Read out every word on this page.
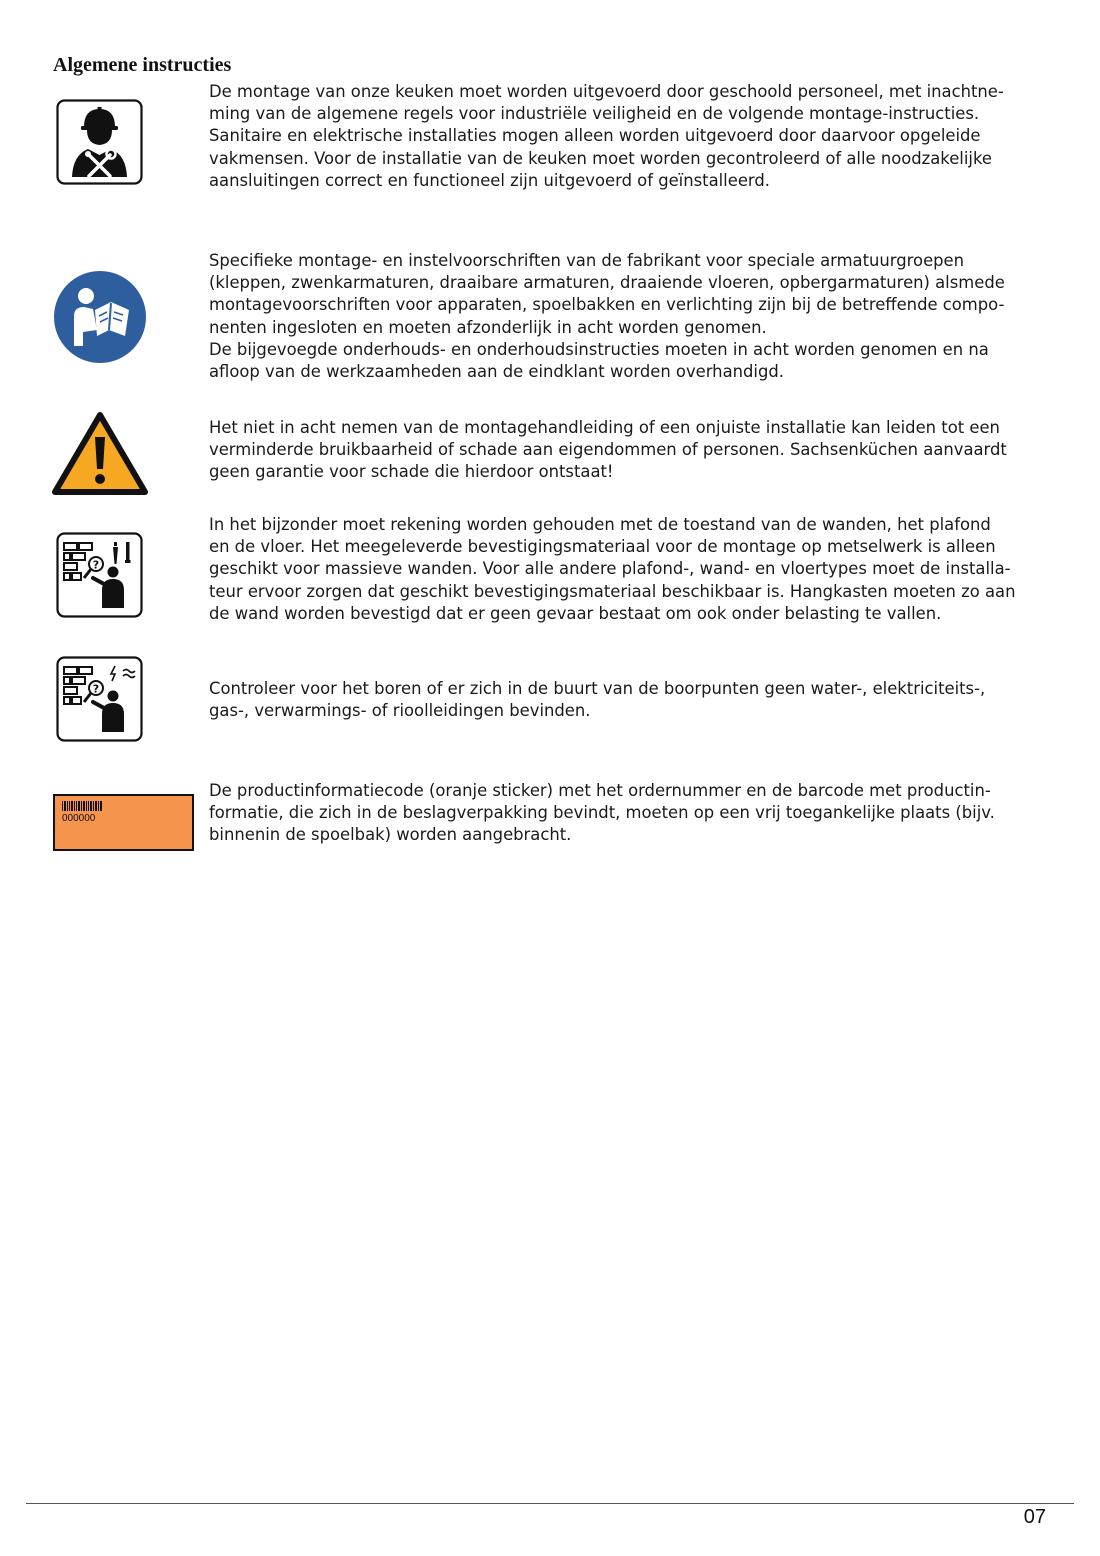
Algemene instructies
?
?
000000

De montage van onze keuken moet worden uitgevoerd door geschoold personeel, met inachtne-
ming van de algemene regels voor industriële veiligheid en de volgende montage-instructies.
Sanitaire en elektrische installaties mogen alleen worden uitgevoerd door daarvoor opgeleide
vakmensen. Voor de installatie van de keuken moet worden gecontroleerd of alle noodzakelijke
aansluitingen correct en functioneel zijn uitgevoerd of geïnstalleerd.

Specifieke montage- en instelvoorschriften van de fabrikant voor speciale armatuurgroepen
(kleppen, zwenkarmaturen, draaibare armaturen, draaiende vloeren, opbergarmaturen) alsmede
montagevoorschriften voor apparaten, spoelbakken en verlichting zijn bij de betreffende compo-
nenten ingesloten en moeten afzonderlijk in acht worden genomen.
De bijgevoegde onderhouds- en onderhoudsinstructies moeten in acht worden genomen en na
afloop van de werkzaamheden aan de eindklant worden overhandigd.

Het niet in acht nemen van de montagehandleiding of een onjuiste installatie kan leiden tot een
verminderde bruikbaarheid of schade aan eigendommen of personen. Sachsenküchen aanvaardt
geen garantie voor schade die hierdoor ontstaat!

In het bijzonder moet rekening worden gehouden met de toestand van de wanden, het plafond
en de vloer. Het meegeleverde bevestigingsmateriaal voor de montage op metselwerk is alleen
geschikt voor massieve wanden. Voor alle andere plafond-, wand- en vloertypes moet de installa-
teur ervoor zorgen dat geschikt bevestigingsmateriaal beschikbaar is. Hangkasten moeten zo aan
de wand worden bevestigd dat er geen gevaar bestaat om ook onder belasting te vallen.

Controleer voor het boren of er zich in de buurt van de boorpunten geen water-, elektriciteits-,
gas-, verwarmings- of rioolleidingen bevinden.

De productinformatiecode (oranje sticker) met het ordernummer en de barcode met productin-
formatie, die zich in de beslagverpakking bevindt, moeten op een vrij toegankelijke plaats (bijv.
binnenin de spoelbak) worden aangebracht.

07
